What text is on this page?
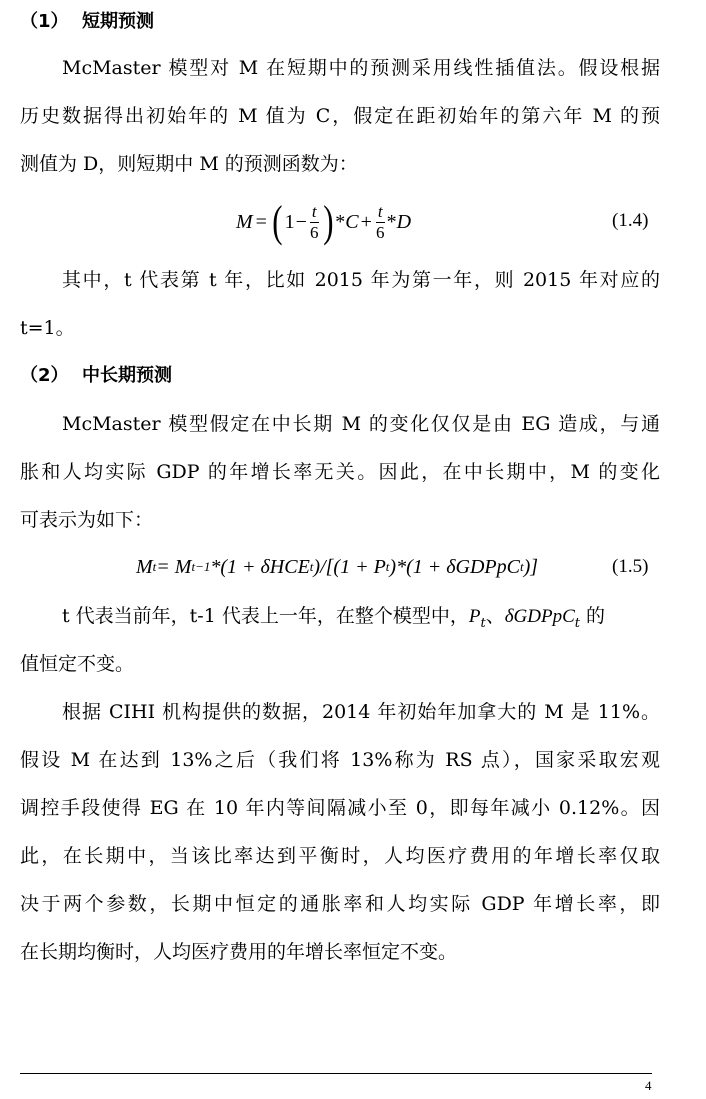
（1） 短期预测
McMaster 模型对 M 在短期中的预测采用线性插值法。假设根据
历史数据得出初始年的 M 值为 C，假定在距初始年的第六年 M 的预
测值为 D，则短期中 M 的预测函数为：
M = ( $1 - \frac{t}{6}$ ) * $C + \frac{t}{6} * D$	(1.4)
其中，t 代表第 t 年，比如 2015 年为第一年，则 2015 年对应的
t=1。
（2） 中长期预测
McMaster 模型假定在中长期 M 的变化仅仅是由 EG 造成，与通
胀和人均实际 GDP 的年增长率无关。因此，在中长期中，M 的变化
可表示为如下：
M t = M t−1 *(1 + δHCE t )/[(1 + P t )*(1 + δGDPpC t )]	(1.5)
t 代表当前年，t-1 代表上一年，在整个模型中，$P_t$、δGDPpC$_t$ 的
值恒定不变。
根据 CIHI 机构提供的数据，2014 年初始年加拿大的 M 是 11%。
假设 M 在达到 13%之后（我们将 13%称为 RS 点），国家采取宏观
调控手段使得 EG 在 10 年内等间隔减小至 0，即每年减小 0.12%。因
此，在长期中，当该比率达到平衡时，人均医疗费用的年增长率仅取
决于两个参数，长期中恒定的通胀率和人均实际 GDP 年增长率，即
在长期均衡时，人均医疗费用的年增长率恒定不变。
4
